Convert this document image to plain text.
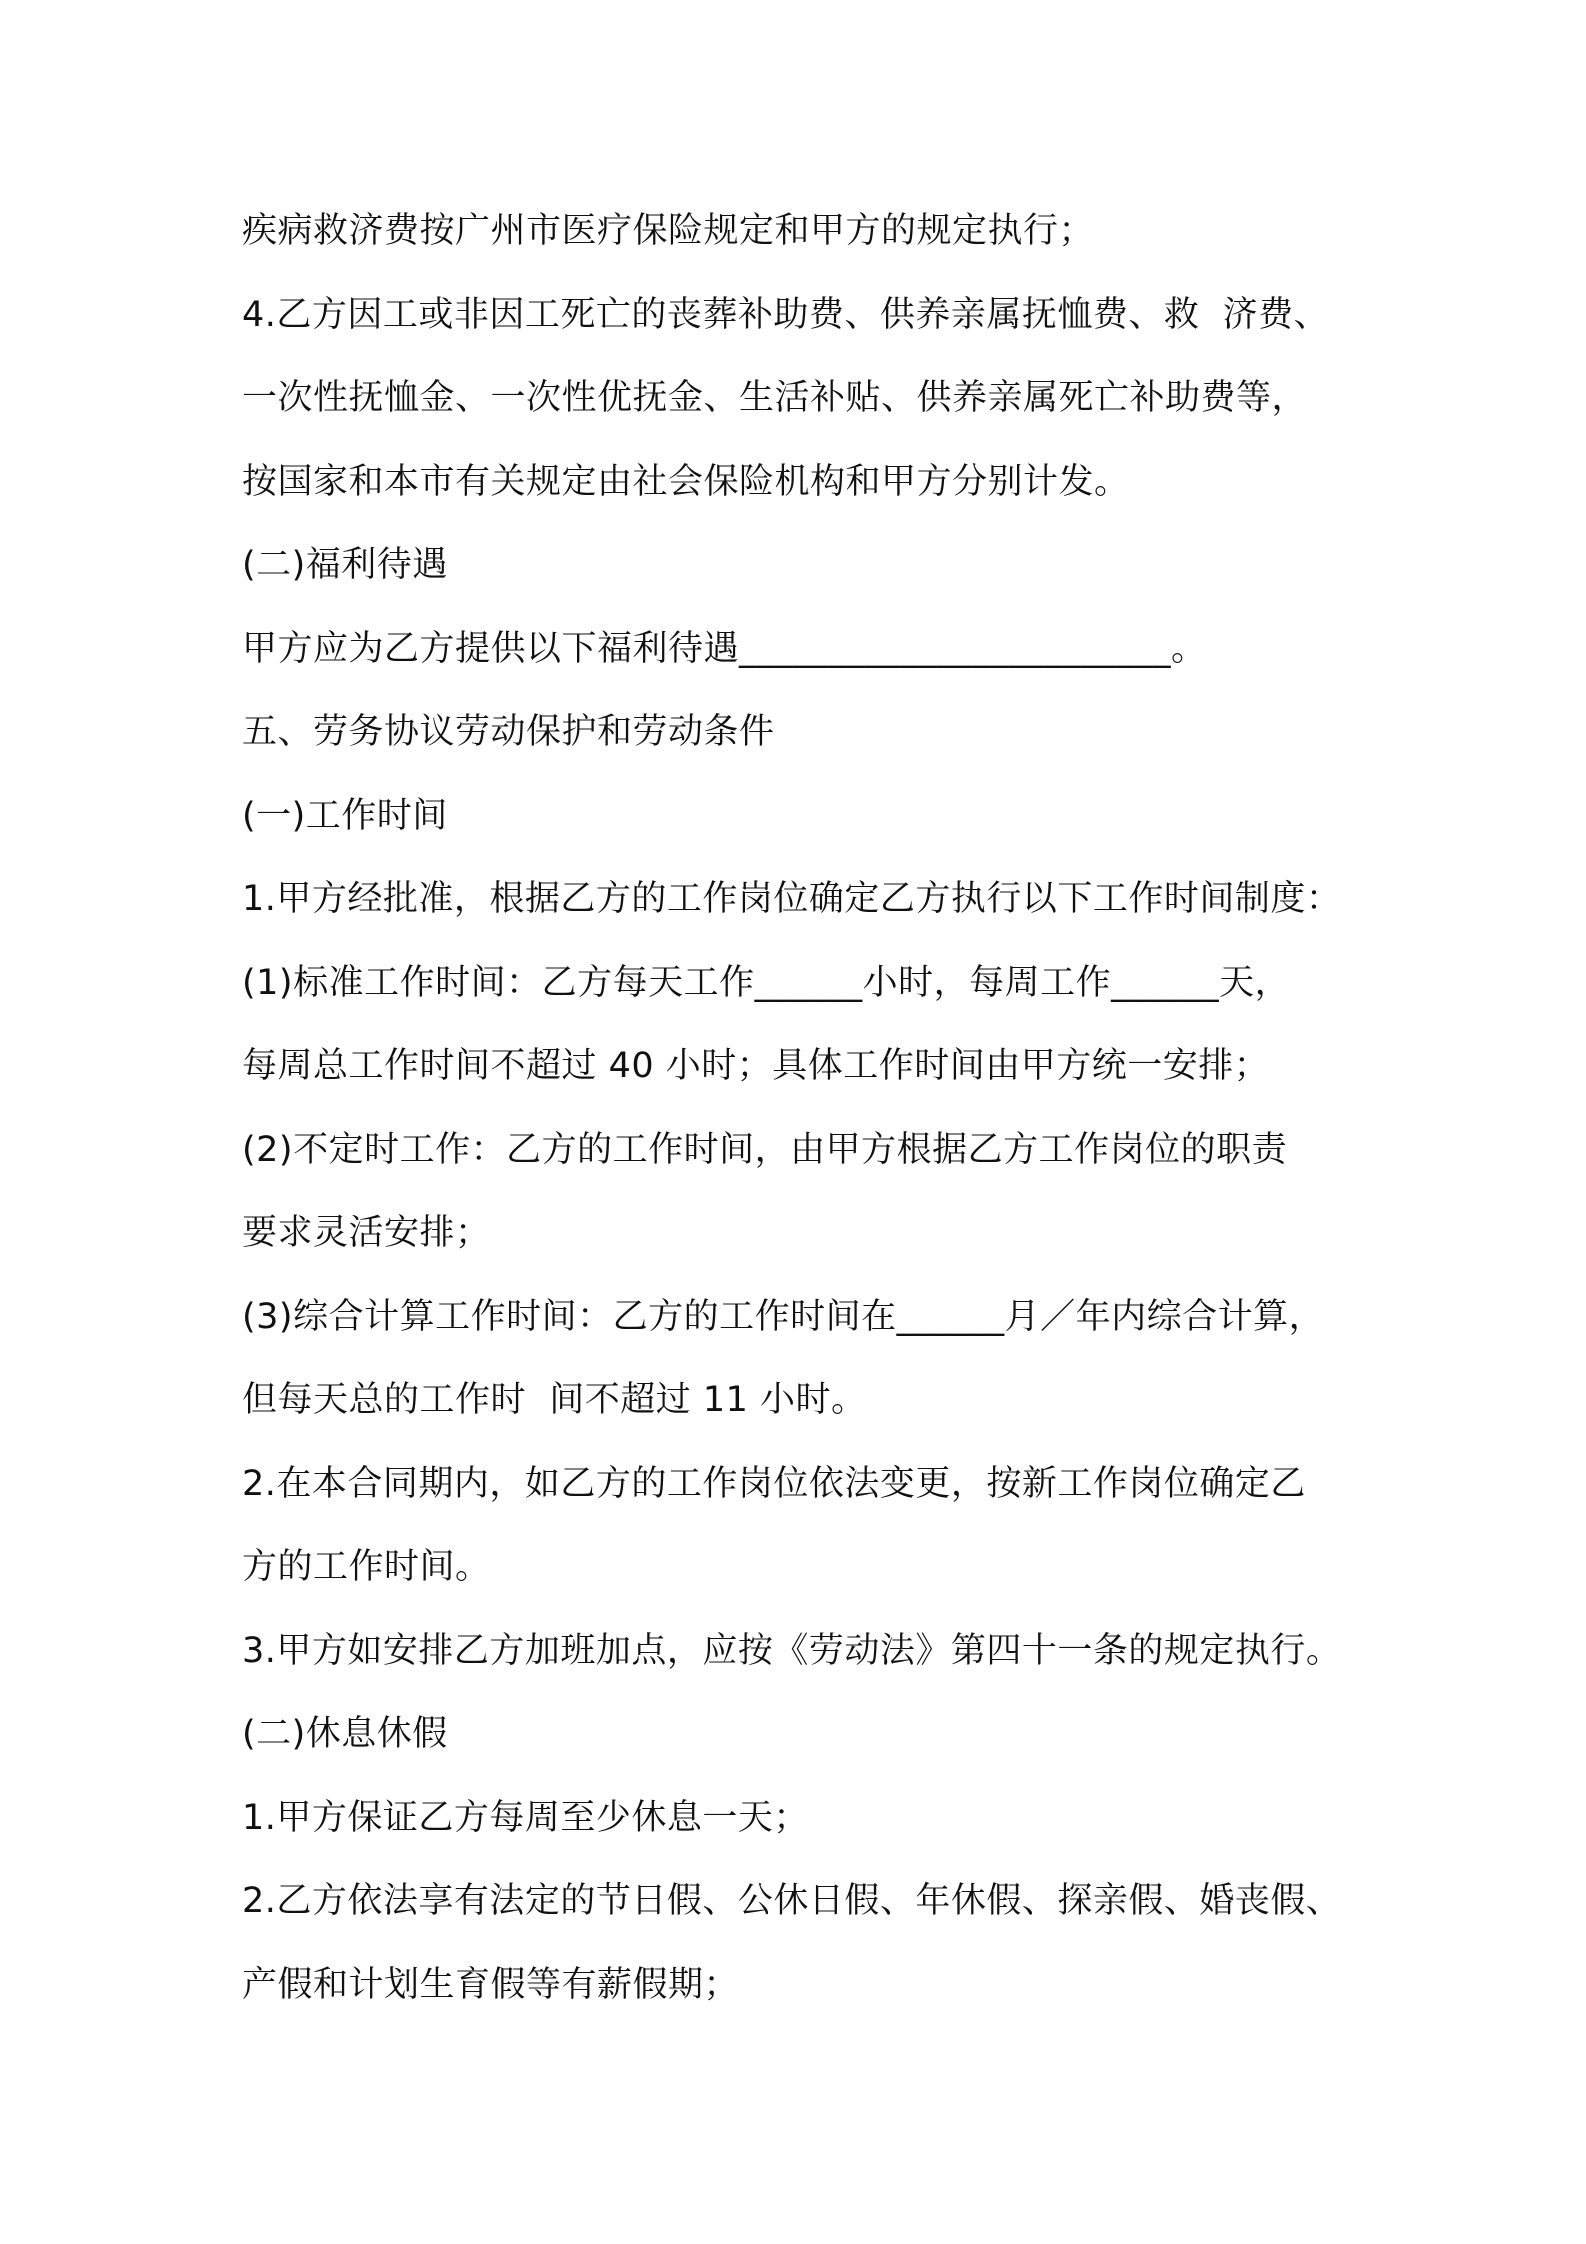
疾病救济费按广州市医疗保险规定和甲方的规定执行；
4.乙方因工或非因工死亡的丧葬补助费、供养亲属抚恤费、救  济费、
一次性抚恤金、一次性优抚金、生活补贴、供养亲属死亡补助费等，
按国家和本市有关规定由社会保险机构和甲方分别计发。
(二)福利待遇
甲方应为乙方提供以下福利待遇________________________。
五、劳务协议劳动保护和劳动条件
(一)工作时间
1.甲方经批准，根据乙方的工作岗位确定乙方执行以下工作时间制度：
(1)标准工作时间：乙方每天工作______小时，每周工作______天，
每周总工作时间不超过 40 小时；具体工作时间由甲方统一安排；
(2)不定时工作：乙方的工作时间，由甲方根据乙方工作岗位的职责
要求灵活安排；
(3)综合计算工作时间：乙方的工作时间在______月／年内综合计算，
但每天总的工作时  间不超过 11 小时。
2.在本合同期内，如乙方的工作岗位依法变更，按新工作岗位确定乙
方的工作时间。
3.甲方如安排乙方加班加点，应按《劳动法》第四十一条的规定执行。
(二)休息休假
1.甲方保证乙方每周至少休息一天；
2.乙方依法享有法定的节日假、公休日假、年休假、探亲假、婚丧假、
产假和计划生育假等有薪假期；
